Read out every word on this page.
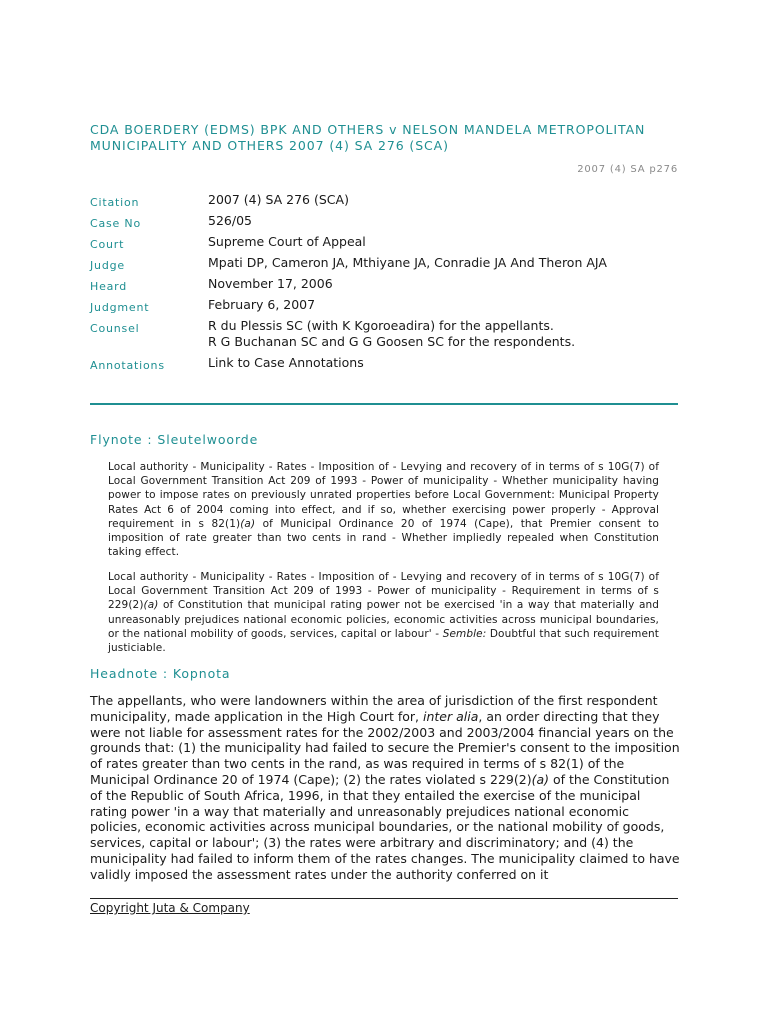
CDA BOERDERY (EDMS) BPK AND OTHERS v NELSON MANDELA METROPOLITAN MUNICIPALITY AND OTHERS 2007 (4) SA 276 (SCA)
2007 (4) SA p276
Citation	2007 (4) SA 276 (SCA)
Case No	526/05
Court	Supreme Court of Appeal
Judge	Mpati DP, Cameron JA, Mthiyane JA, Conradie JA And Theron AJA
Heard	November 17, 2006
Judgment	February 6, 2007
Counsel	R du Plessis SC (with K Kgoroeadira) for the appellants.
R G Buchanan SC and G G Goosen SC for the respondents.

Annotations	Link to Case Annotations
Flynote : Sleutelwoorde

Local authority - Municipality - Rates - Imposition of - Levying and recovery of in terms of s 10G(7) of Local Government Transition Act 209 of 1993 - Power of municipality - Whether municipality having power to impose rates on previously unrated properties before Local Government: Municipal Property Rates Act 6 of 2004 coming into effect, and if so, whether exercising power properly - Approval requirement in s 82(1)(a) of Municipal Ordinance 20 of 1974 (Cape), that Premier consent to imposition of rate greater than two cents in rand - Whether impliedly repealed when Constitution taking effect.

Local authority - Municipality - Rates - Imposition of - Levying and recovery of in terms of s 10G(7) of Local Government Transition Act 209 of 1993 - Power of municipality - Requirement in terms of s 229(2)(a) of Constitution that municipal rating power not be exercised 'in a way that materially and unreasonably prejudices national economic policies, economic activities across municipal boundaries, or the national mobility of goods, services, capital or labour' - Semble: Doubtful that such requirement justiciable.

Headnote : Kopnota

The appellants, who were landowners within the area of jurisdiction of the first respondent municipality, made application in the High Court for, inter alia, an order directing that they were not liable for assessment rates for the 2002/2003 and 2003/2004 financial years on the grounds that: (1) the municipality had failed to secure the Premier's consent to the imposition of rates greater than two cents in the rand, as was required in terms of s 82(1) of the Municipal Ordinance 20 of 1974 (Cape); (2) the rates violated s 229(2)(a) of the Constitution of the Republic of South Africa, 1996, in that they entailed the exercise of the municipal rating power 'in a way that materially and unreasonably prejudices national economic policies, economic activities across municipal boundaries, or the national mobility of goods, services, capital or labour'; (3) the rates were arbitrary and discriminatory; and (4) the municipality had failed to inform them of the rates changes. The municipality claimed to have validly imposed the assessment rates under the authority conferred on it

Copyright Juta & Company
